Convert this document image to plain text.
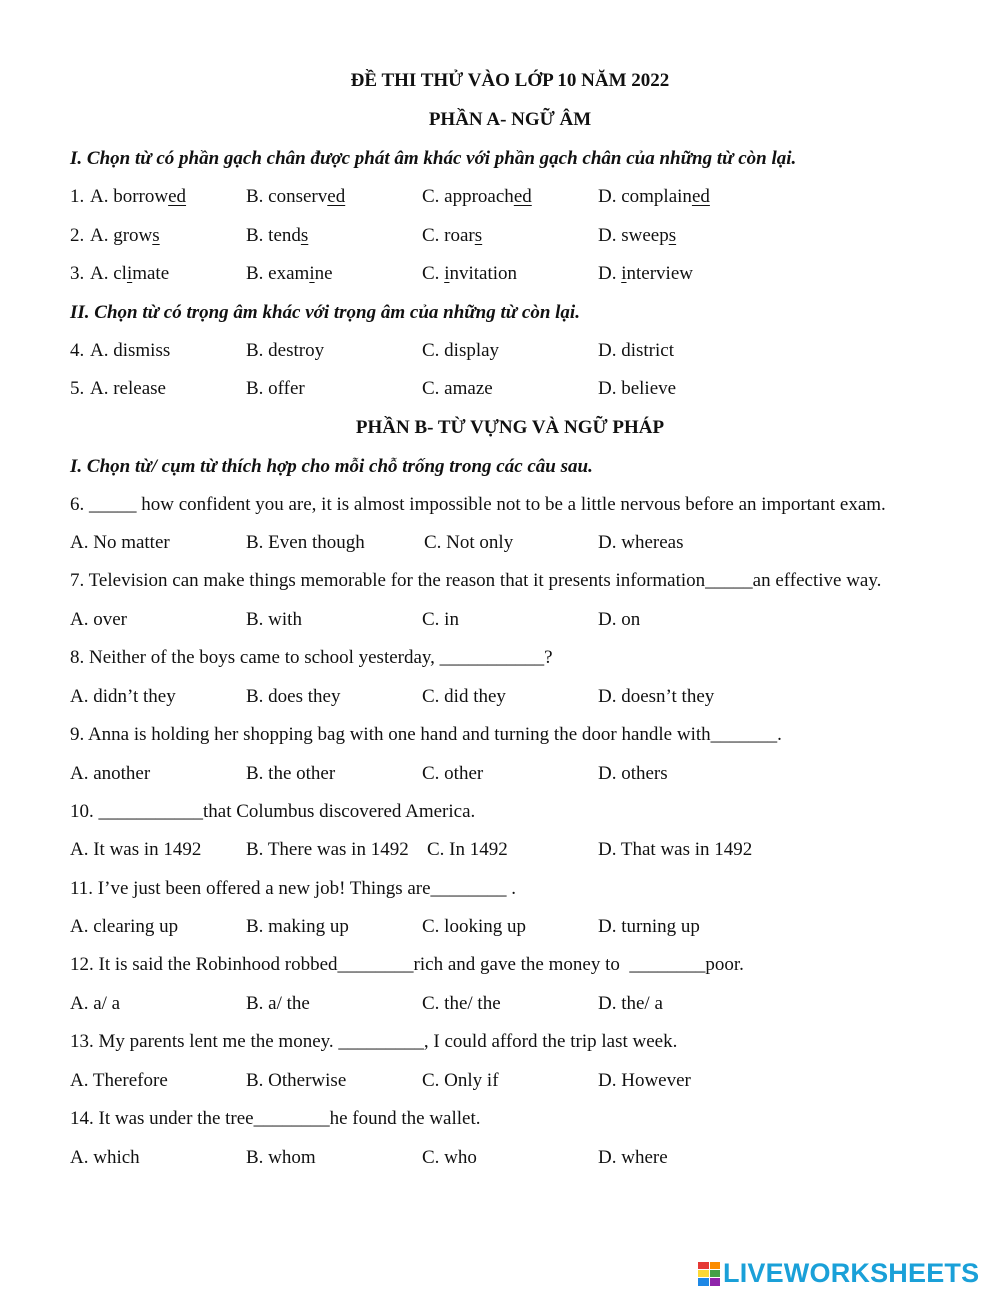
ĐỀ THI THỬ VÀO LỚP 10 NĂM 2022
PHẦN A- NGỮ ÂM
I. Chọn từ có phần gạch chân được phát âm khác với phần gạch chân của những từ còn lại.
1. A. borrowed	B. conserved	C. approached	D. complained
2. A. grows	B. tends	C. roars	D. sweeps
3. A. climate	B. examine	C. invitation	D. interview
II. Chọn từ có trọng âm khác với trọng âm của những từ còn lại.
4. A. dismiss	B. destroy	C. display	D. district
5. A. release	B. offer	C. amaze	D. believe
PHẦN B- TỪ VỰNG VÀ NGỮ PHÁP
I. Chọn từ/ cụm từ thích hợp cho mỗi chỗ trống trong các câu sau.
6. _____ how confident you are, it is almost impossible not to be a little nervous before an important exam.
A. No matter	B. Even though	C. Not only	D. whereas
7. Television can make things memorable for the reason that it presents information_____an effective way.
A. over	B. with	C. in	D. on
8. Neither of the boys came to school yesterday, ___________?
A. didn’t they	B. does they	C. did they	D. doesn’t they
9. Anna is holding her shopping bag with one hand and turning the door handle with_______.
A. another	B. the other	C. other	D. others
10. ___________that Columbus discovered America.
A. It was in 1492 B. There was in 1492 C. In 1492	D. That was in 1492
11. I’ve just been offered a new job! Things are________ .
A. clearing up	B. making up	C. looking up	D. turning up
12. It is said the Robinhood robbed________rich and gave the money to  ________poor.
A. a/ a	B. a/ the	C. the/ the	D. the/ a
13. My parents lent me the money. _________, I could afford the trip last week.
A. Therefore	B. Otherwise	C. Only if	D. However
14. It was under the tree________he found the wallet.
A. which	B. whom	C. who	D. where
LIVEWORKSHEETS
